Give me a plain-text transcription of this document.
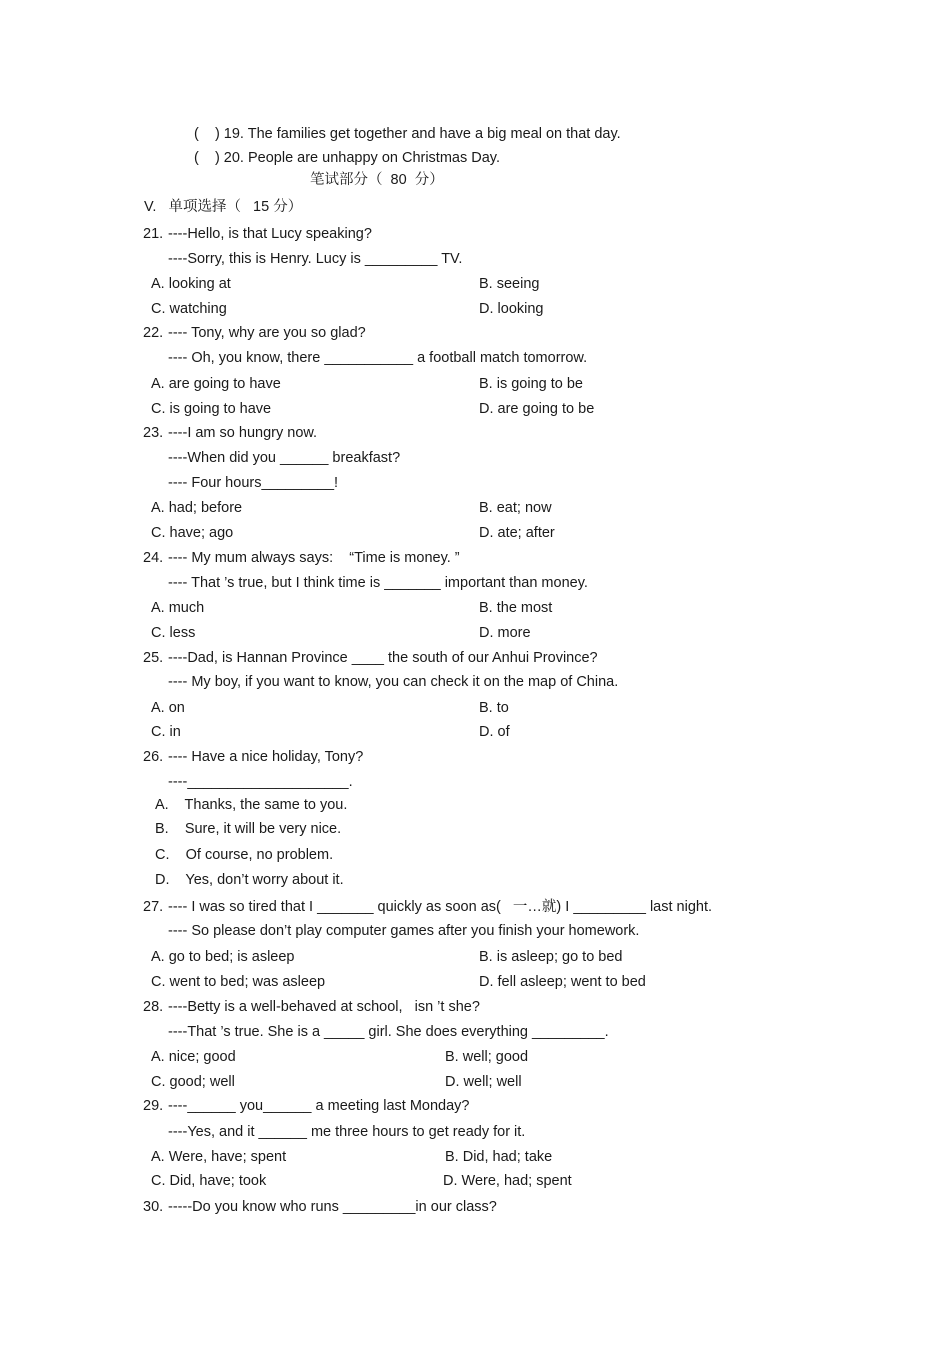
(    ) 19. The families get together and have a big meal on that day.
(    ) 20. People are unhappy on Christmas Day.
笔试部分（  80  分）
V.   单项选择（   15 分）
21. ----Hello, is that Lucy speaking?
----Sorry, this is Henry. Lucy is _________ TV.
A. looking at	B. seeing
C. watching	D. looking
22. ---- Tony, why are you so glad?
---- Oh, you know, there ___________ a football match tomorrow.
A. are going to have	B. is going to be
C. is going to have	D. are going to be
23. ----I am so hungry now.
----When did you ______ breakfast?
---- Four hours_________!
A. had; before	B. eat; now
C. have; ago	D. ate; after
24. ---- My mum always says:    “Time is money. ”
---- That ’s true, but I think time is _______ important than money.
A. much	B. the most
C. less	D. more
25. ----Dad, is Hannan Province ____ the south of our Anhui Province?
---- My boy, if you want to know, you can check it on the map of China.
A. on	B. to
C. in	D. of
26. ---- Have a nice holiday, Tony?
----____________________.
A.    Thanks, the same to you.
B.    Sure, it will be very nice.
C.    Of course, no problem.
D.    Yes, don’t worry about it.
27. ---- I was so tired that I _______ quickly as soon as(   一…就) I _________ last night.
---- So please don’t play computer games after you finish your homework.
A. go to bed; is asleep	B. is asleep; go to bed
C. went to bed; was asleep	D. fell asleep; went to bed
28. ----Betty is a well-behaved at school,   isn ’t she?
----That ’s true. She is a _____ girl. She does everything _________.
A. nice; good	B. well; good
C. good; well	D. well; well
29. ----______ you______ a meeting last Monday?
----Yes, and it ______ me three hours to get ready for it.
A. Were, have; spent	B. Did, had; take
C. Did, have; took	D. Were, had; spent
30. -----Do you know who runs _________in our class?
